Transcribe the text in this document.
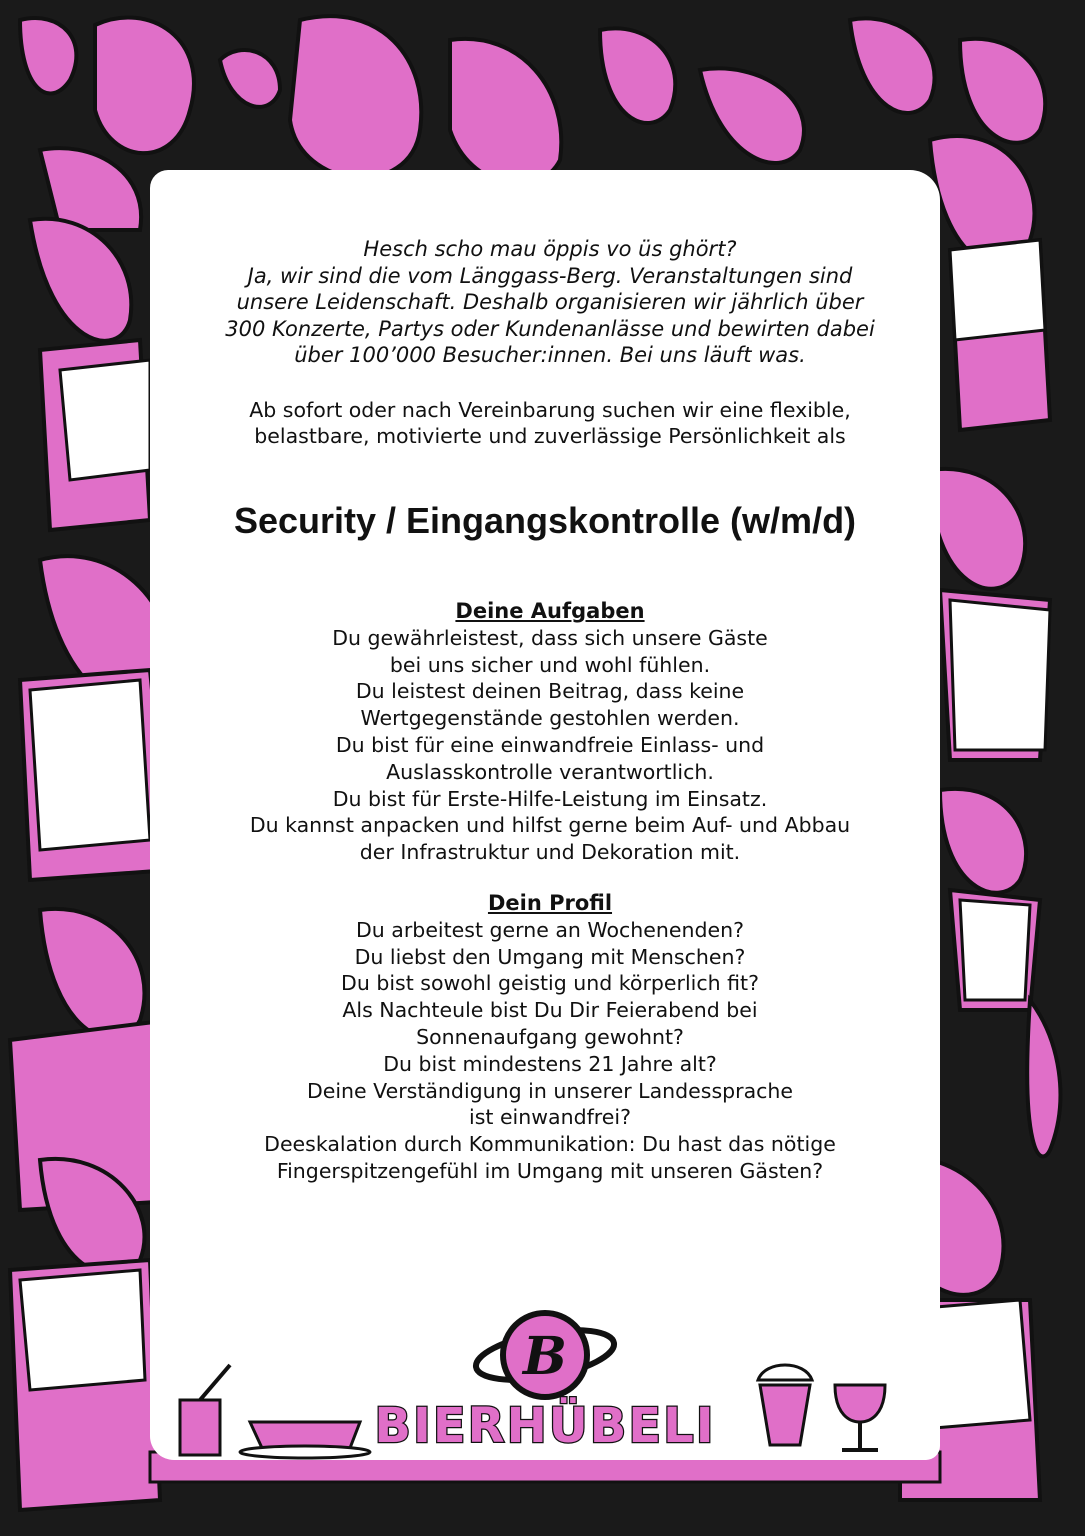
Hesch scho mau öppis vo üs ghört?

Ja, wir sind die vom Länggass-Berg. Veranstaltungen sind

unsere Leidenschaft. Deshalb organisieren wir jährlich über

300 Konzerte, Partys oder Kundenanlässe und bewirten dabei

über 100’000 Besucher:innen. Bei uns läuft was.

Ab sofort oder nach Vereinbarung suchen wir eine flexible,

belastbare, motivierte und zuverlässige Persönlichkeit als

Security / Eingangskontrolle (w/m/d)
Deine Aufgaben

Du gewährleistest, dass sich unsere Gäste

bei uns sicher und wohl fühlen.

Du leistest deinen Beitrag, dass keine

Wertgegenstände gestohlen werden.

Du bist für eine einwandfreie Einlass- und

Auslasskontrolle verantwortlich.

Du bist für Erste-Hilfe-Leistung im Einsatz.

Du kannst anpacken und hilfst gerne beim Auf- und Abbau

der Infrastruktur und Dekoration mit.

Dein Profil

Du arbeitest gerne an Wochenenden?

Du liebst den Umgang mit Menschen?

Du bist sowohl geistig und körperlich fit?

Als Nachteule bist Du Dir Feierabend bei

Sonnenaufgang gewohnt?

Du bist mindestens 21 Jahre alt?

Deine Verständigung in unserer Landessprache

ist einwandfrei?

Deeskalation durch Kommunikation: Du hast das nötige

Fingerspitzengefühl im Umgang mit unseren Gästen?

B
BIERHÜBELI
